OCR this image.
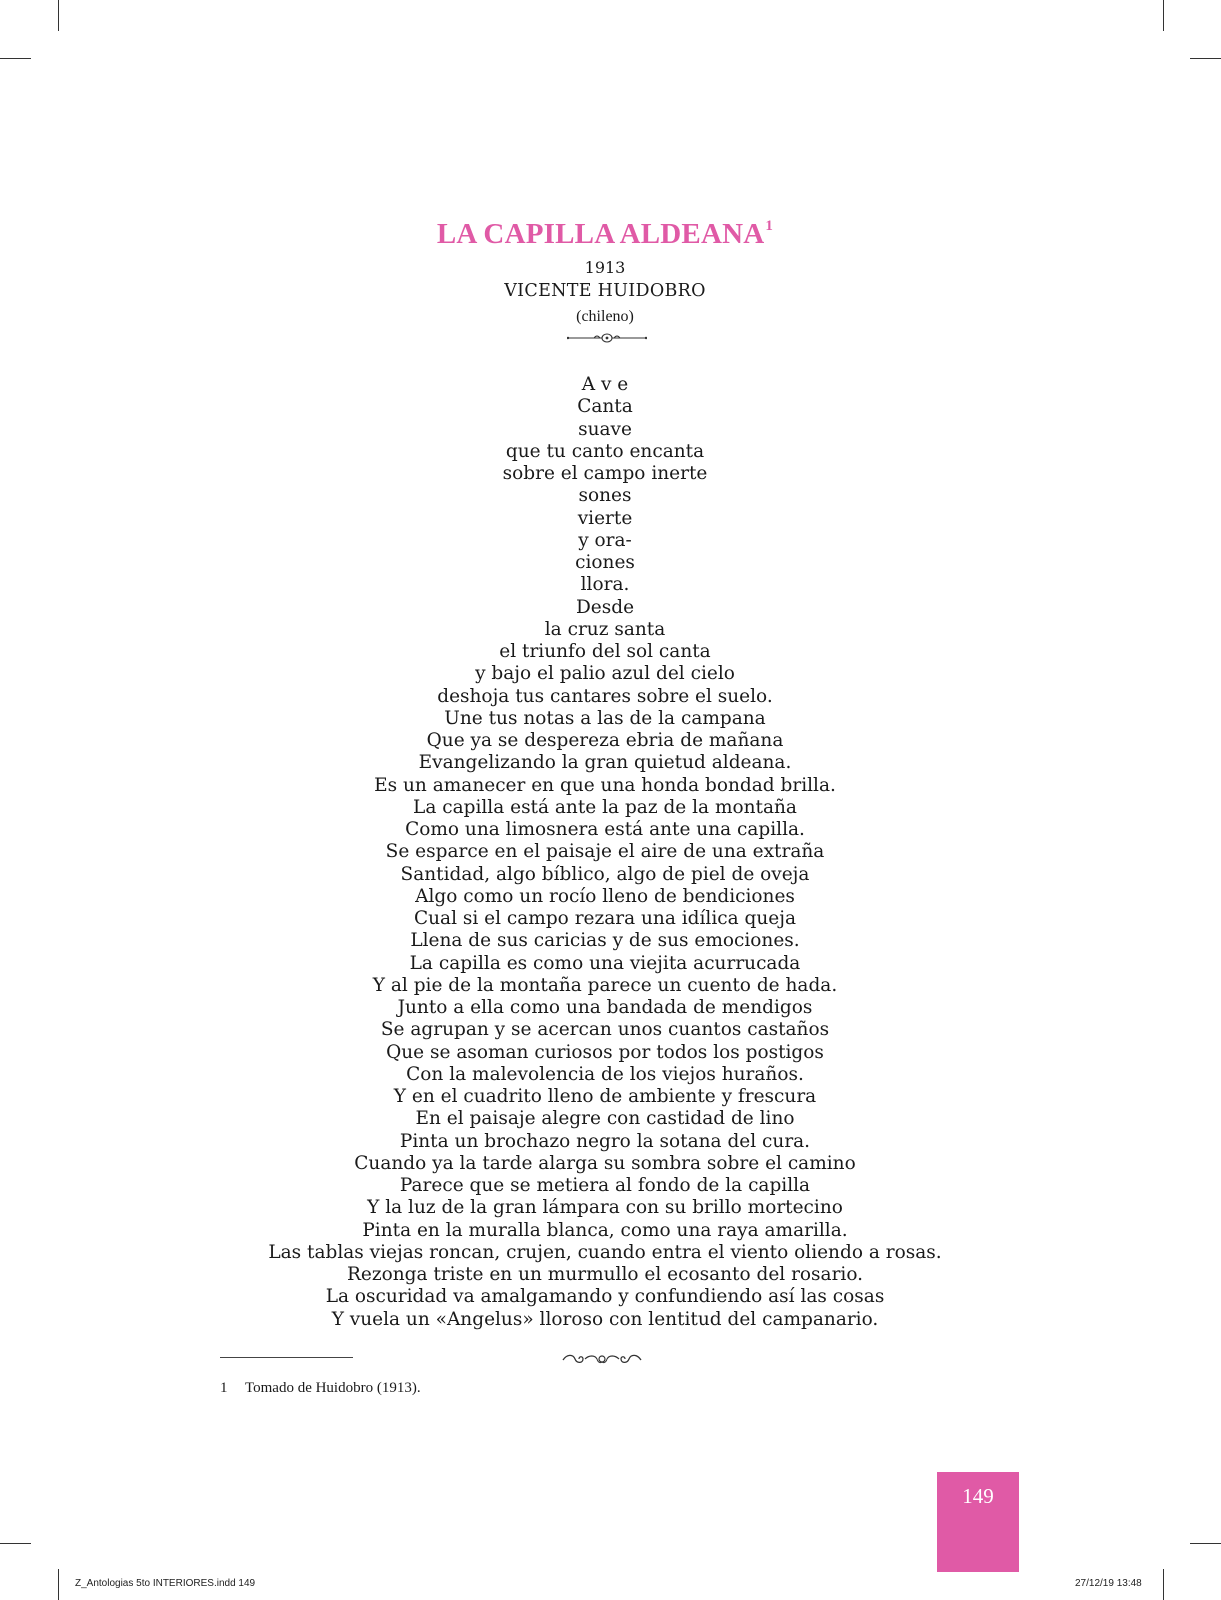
LA CAPILLA ALDEANA$^1$
1913
VICENTE HUIDOBRO
(chileno)
A v e
Canta
suave
que tu canto encanta
sobre el campo inerte
sones
vierte
y ora-
ciones
llora.
Desde
la cruz santa
el triunfo del sol canta
y bajo el palio azul del cielo
deshoja tus cantares sobre el suelo.
Une tus notas a las de la campana
Que ya se despereza ebria de mañana
Evangelizando la gran quietud aldeana.
Es un amanecer en que una honda bondad brilla.
La capilla está ante la paz de la montaña
Como una limosnera está ante una capilla.
Se esparce en el paisaje el aire de una extraña
Santidad, algo bíblico, algo de piel de oveja
Algo como un rocío lleno de bendiciones
Cual si el campo rezara una idílica queja
Llena de sus caricias y de sus emociones.
La capilla es como una viejita acurrucada
Y al pie de la montaña parece un cuento de hada.
Junto a ella como una bandada de mendigos
Se agrupan y se acercan unos cuantos castaños
Que se asoman curiosos por todos los postigos
Con la malevolencia de los viejos huraños.
Y en el cuadrito lleno de ambiente y frescura
En el paisaje alegre con castidad de lino
Pinta un brochazo negro la sotana del cura.
Cuando ya la tarde alarga su sombra sobre el camino
Parece que se metiera al fondo de la capilla
Y la luz de la gran lámpara con su brillo mortecino
Pinta en la muralla blanca, como una raya amarilla.
Las tablas viejas roncan, crujen, cuando entra el viento oliendo a rosas.
Rezonga triste en un murmullo el ecosanto del rosario.
La oscuridad va amalgamando y confundiendo así las cosas
Y vuela un «Angelus» lloroso con lentitud del campanario.
1 Tomado de Huidobro (1913).
149
Z_Antologias 5to INTERIORES.indd 149	27/12/19 13:48
